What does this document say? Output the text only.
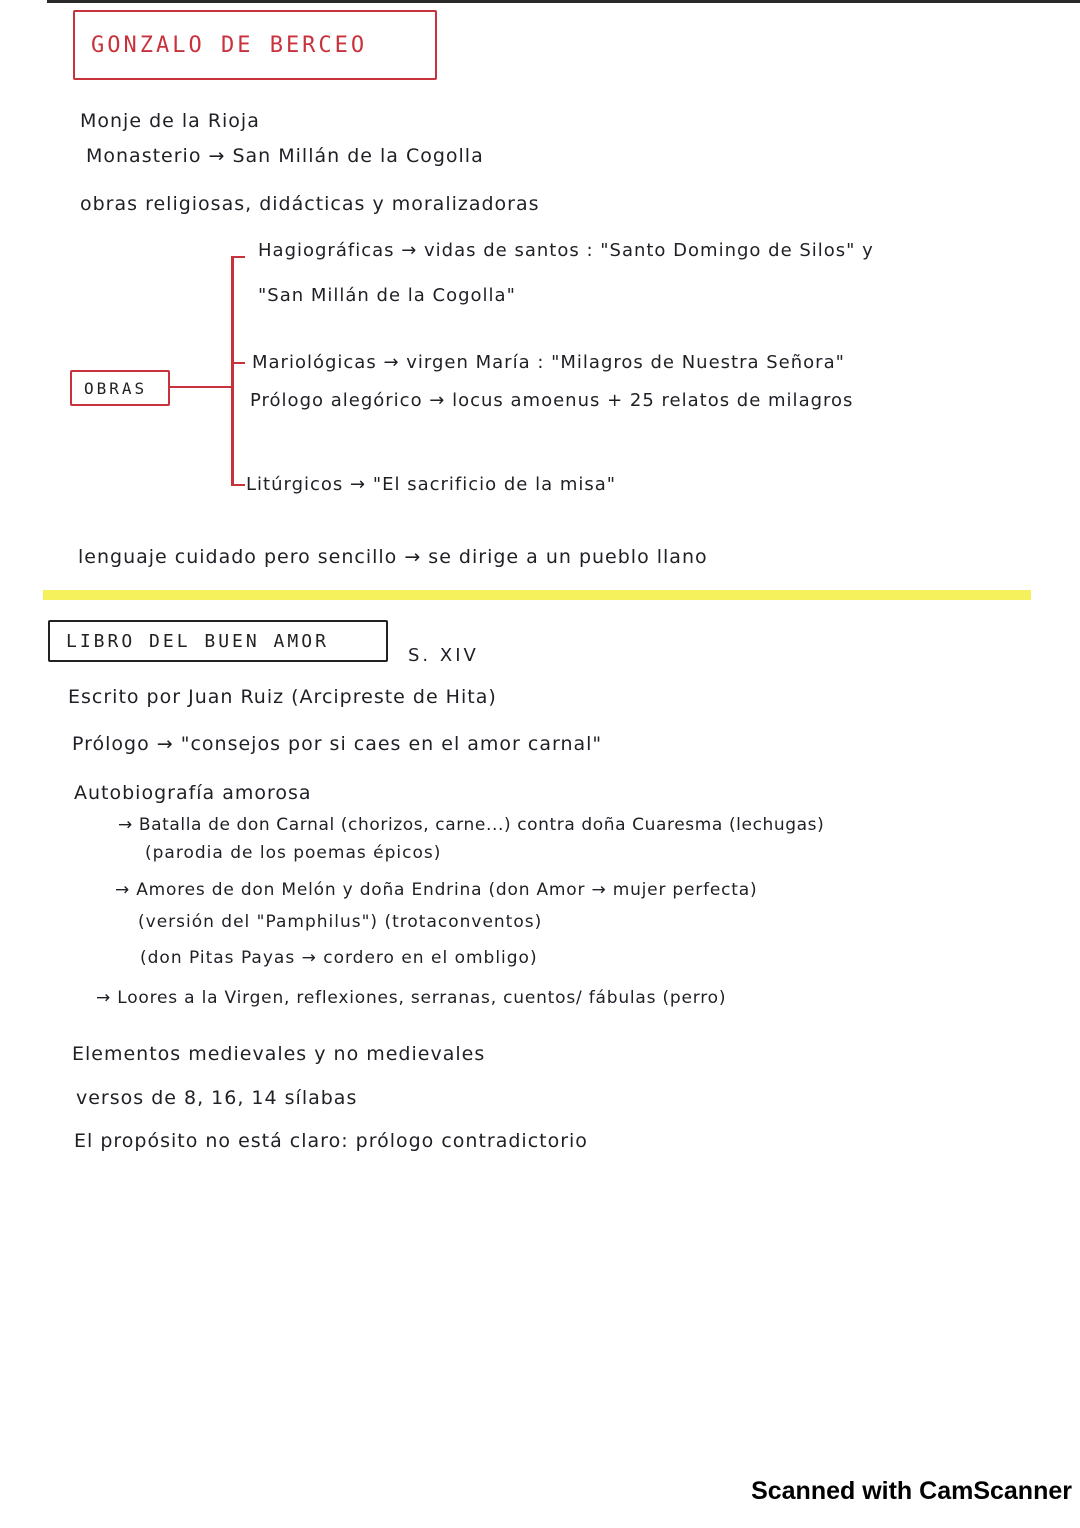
GONZALO DE BERCEO
Monje de la Rioja
Monasterio → San Millán de la Cogolla
obras religiosas, didácticas y moralizadoras
OBRAS
Hagiográficas → vidas de santos : "Santo Domingo de Silos" y
"San Millán de la Cogolla"
Mariológicas → virgen María : "Milagros de Nuestra Señora"
Prólogo alegórico → locus amoenus + 25 relatos de milagros
Litúrgicos → "El sacrificio de la misa"
lenguaje cuidado pero sencillo → se dirige a un pueblo llano
LIBRO DEL BUEN AMOR
S. XIV
Escrito por Juan Ruiz (Arcipreste de Hita)
Prólogo → "consejos por si caes en el amor carnal"
Autobiografía amorosa
→ Batalla de don Carnal (chorizos, carne...) contra doña Cuaresma (lechugas)
(parodia de los poemas épicos)
→ Amores de don Melón y doña Endrina (don Amor → mujer perfecta)
(versión del "Pamphilus") (trotaconventos)
(don Pitas Payas → cordero en el ombligo)
→ Loores a la Virgen, reflexiones, serranas, cuentos/ fábulas (perro)
Elementos medievales y no medievales
versos de 8, 16, 14 sílabas
El propósito no está claro: prólogo contradictorio
Scanned with CamScanner
